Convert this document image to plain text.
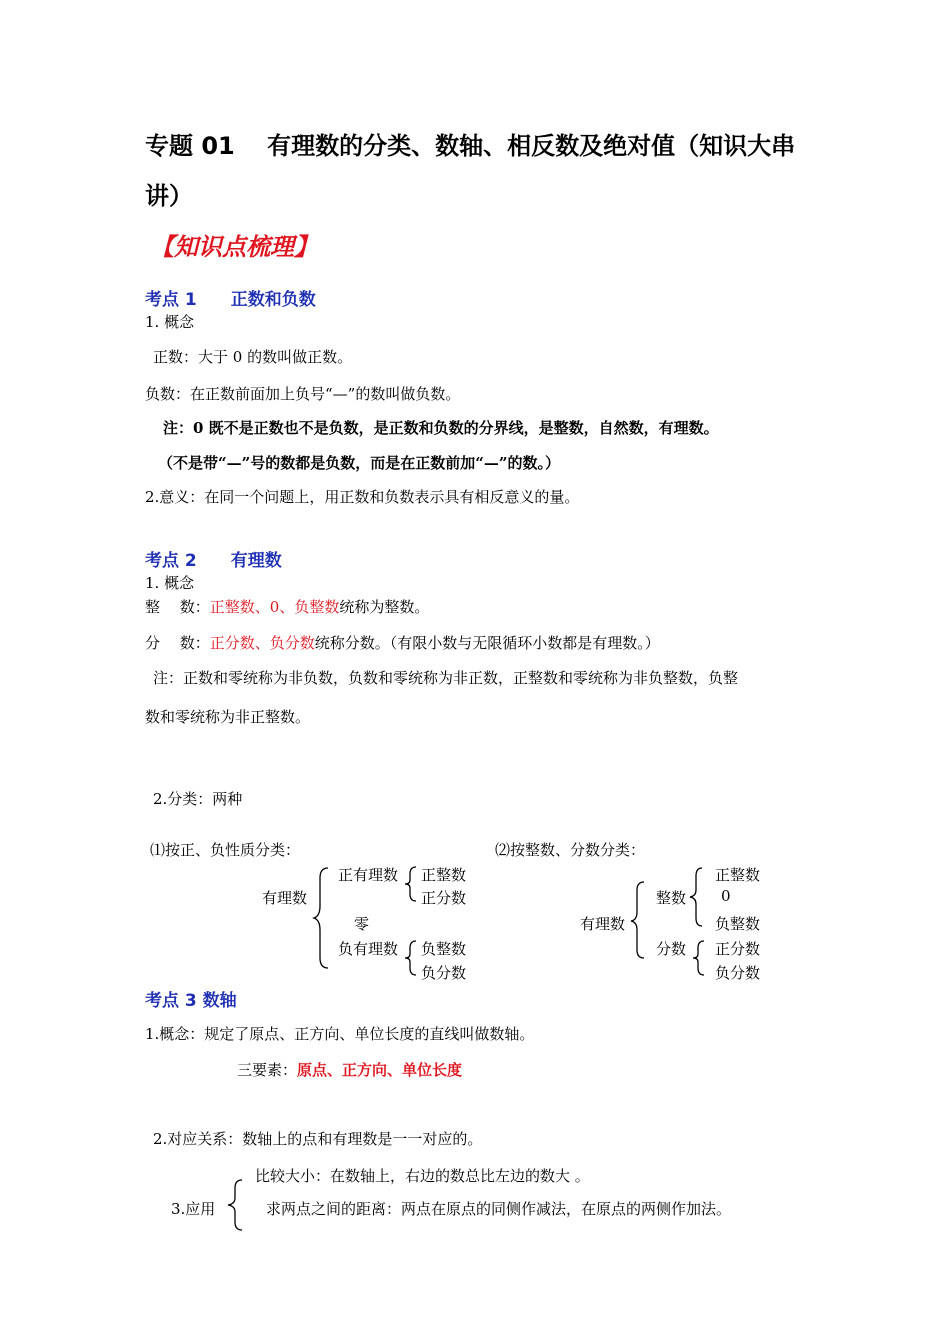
专题 01　 有理数的分类、数轴、相反数及绝对值（知识大串
讲）
【知识点梳理】
考点 1　　正数和负数
1. 概念
正数：大于 0 的数叫做正数。
负数：在正数前面加上负号“—”的数叫做负数。
注：0 既不是正数也不是负数，是正数和负数的分界线，是整数，自然数，有理数。
（不是带“—”号的数都是负数，而是在正数前加“—”的数。）
2.意义：在同一个问题上，用正数和负数表示具有相反意义的量。
考点 2　　有理数
1. 概念
整　 数：正整数、0、负整数统称为整数。
分　 数：正分数、负分数统称分数。（有限小数与无限循环小数都是有理数。）
注：正数和零统称为非负数，负数和零统称为非正数，正整数和零统称为非负整数，负整
数和零统称为非正整数。
2.分类：两种
⑴按正、负性质分类：
有理数
正有理数 正整数
正分数
零
负有理数 负整数
负分数
⑵按整数、分数分类：
有理数
整数
正整数
0
负整数
分数 正分数
负分数
考点 3 数轴
1.概念：规定了原点、正方向、单位长度的直线叫做数轴。
三要素：原点、正方向、单位长度
2.对应关系：数轴上的点和有理数是一一对应的。
3.应用
比较大小：在数轴上，右边的数总比左边的数大 。
求两点之间的距离：两点在原点的同侧作减法，在原点的两侧作加法。
